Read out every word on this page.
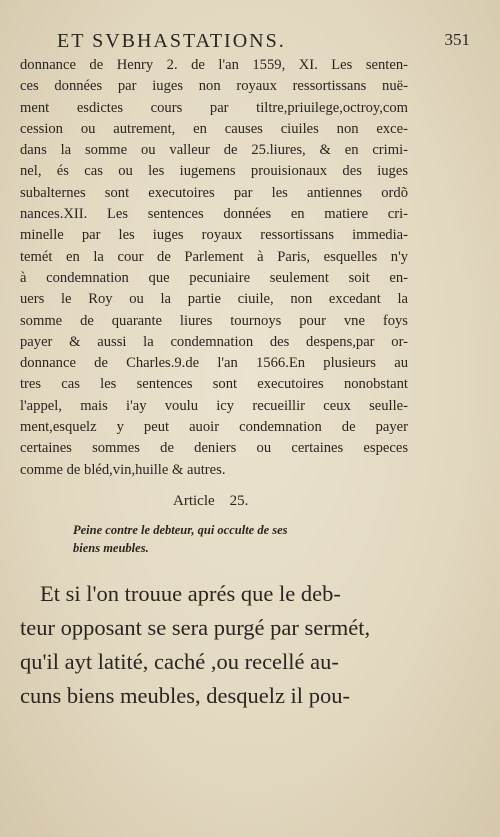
ET SVBHASTATIONS.	351
donnance de Henry 2. de l'an 1559, XI. Les senten-
ces données par iuges non royaux ressortissans nuë-
ment esdictes cours par tiltre,priuilege,octroy,com
cession ou autrement, en causes ciuiles non exce-
dans la somme ou valleur de 25.liures, & en crimi-
nel, és cas ou les iugemens prouisionaux des iuges
subalternes sont executoires par les antiennes ordõ
nances.XII. Les sentences données en matiere cri-
minelle par les iuges royaux ressortissans immedia-
temét en la cour de Parlement à Paris, esquelles n'y
à condemnation que pecuniaire seulement soit en-
uers le Roy ou la partie ciuile, non excedant la
somme de quarante liures tournoys pour vne foys
payer & aussi la condemnation des despens,par or-
donnance de Charles.9.de l'an 1566.En plusieurs au
tres cas les sentences sont executoires nonobstant
l'appel, mais i'ay voulu icy recueillir ceux seulle-
ment,esquelz y peut auoir condemnation de payer
certaines sommes de deniers ou certaines especes
comme de bléd,vin,huille & autres.
Article    25.
Peine contre le debteur, qui occulte de ses
biens meubles.
Et si l'on trouue aprés que le deb-
teur opposant se sera purgé par sermét,
qu'il ayt latité, caché ,ou recellé au-
cuns biens meubles, desquelz il pou-
